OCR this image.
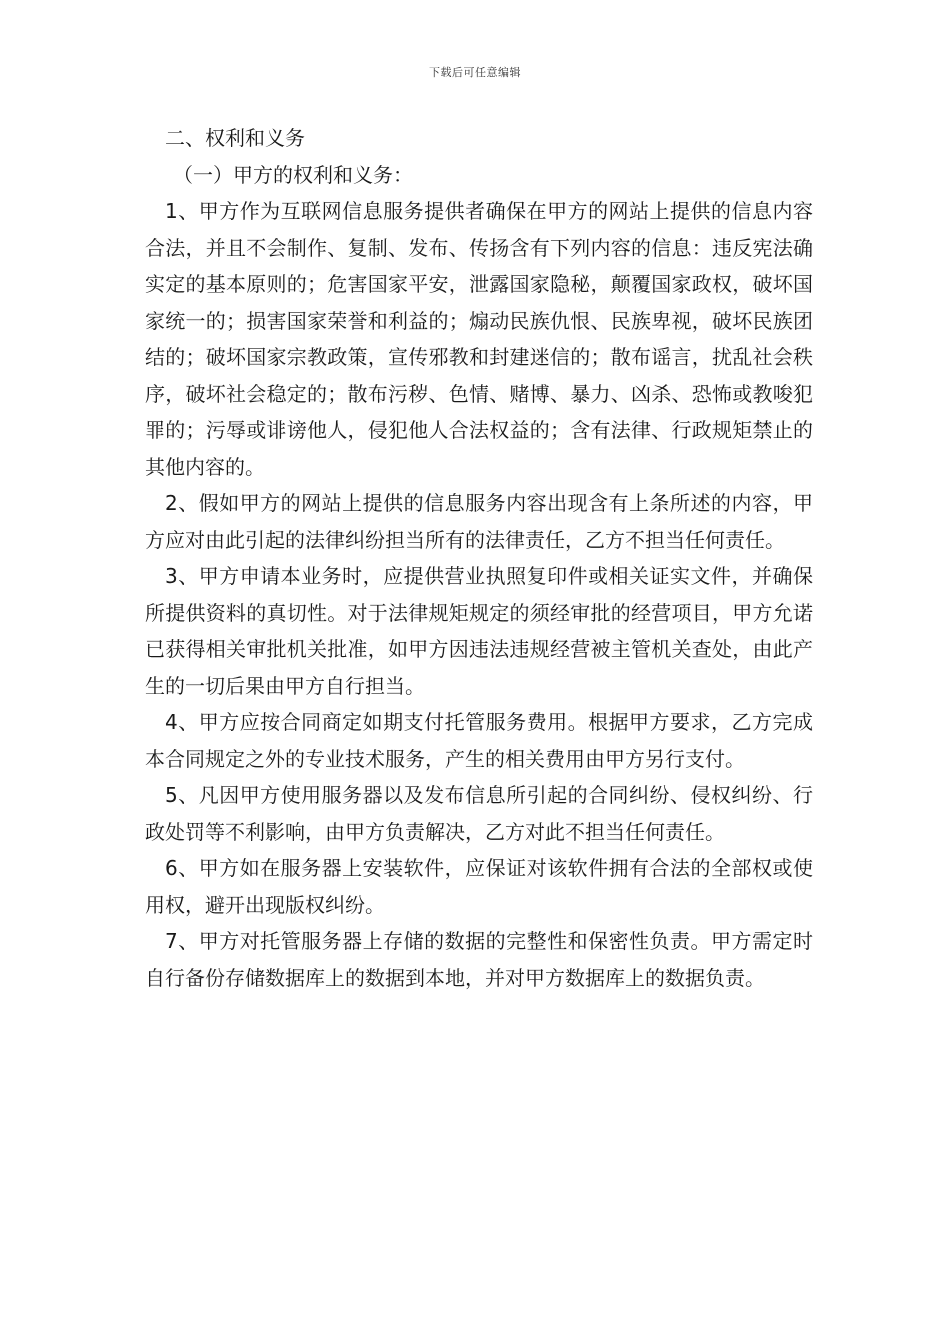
下载后可任意编辑

二、权利和义务

（一）甲方的权利和义务：

1、甲方作为互联网信息服务提供者确保在甲方的网站上提供的信息内容合法，并且不会制作、复制、发布、传扬含有下列内容的信息：违反宪法确实定的基本原则的；危害国家平安，泄露国家隐秘，颠覆国家政权，破坏国家统一的；损害国家荣誉和利益的；煽动民族仇恨、民族卑视，破坏民族团结的；破坏国家宗教政策，宣传邪教和封建迷信的；散布谣言，扰乱社会秩序，破坏社会稳定的；散布污秽、色情、赌博、暴力、凶杀、恐怖或教唆犯罪的；污辱或诽谤他人，侵犯他人合法权益的；含有法律、行政规矩禁止的其他内容的。

2、假如甲方的网站上提供的信息服务内容出现含有上条所述的内容，甲方应对由此引起的法律纠纷担当所有的法律责任，乙方不担当任何责任。

3、甲方申请本业务时，应提供营业执照复印件或相关证实文件，并确保所提供资料的真切性。对于法律规矩规定的须经审批的经营项目，甲方允诺已获得相关审批机关批准，如甲方因违法违规经营被主管机关查处，由此产生的一切后果由甲方自行担当。

4、甲方应按合同商定如期支付托管服务费用。根据甲方要求，乙方完成本合同规定之外的专业技术服务，产生的相关费用由甲方另行支付。

5、凡因甲方使用服务器以及发布信息所引起的合同纠纷、侵权纠纷、行政处罚等不利影响，由甲方负责解决，乙方对此不担当任何责任。

6、甲方如在服务器上安装软件，应保证对该软件拥有合法的全部权或使用权，避开出现版权纠纷。

7、甲方对托管服务器上存储的数据的完整性和保密性负责。甲方需定时自行备份存储数据库上的数据到本地，并对甲方数据库上的数据负责。
